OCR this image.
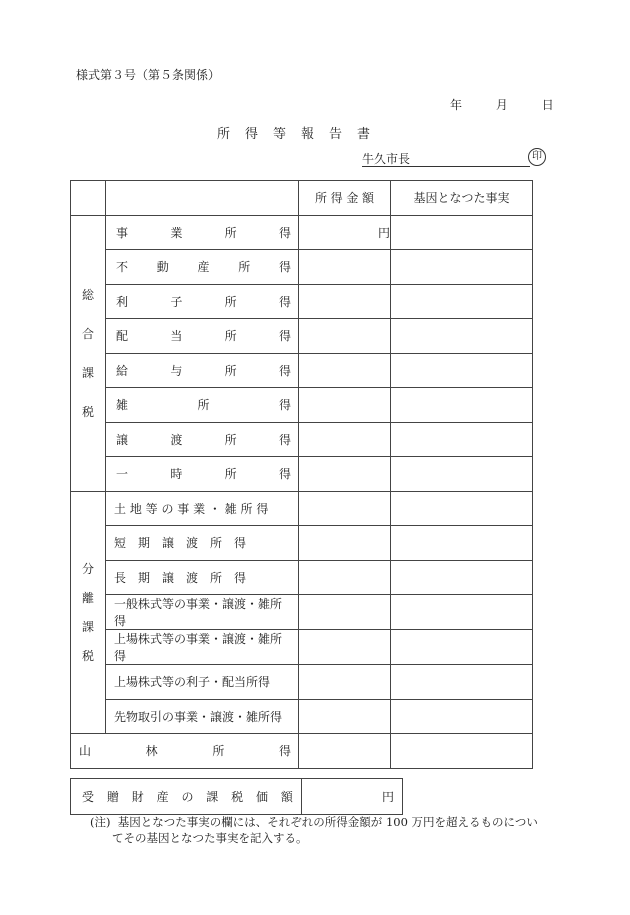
様式第３号（第５条関係）
年	月	日
所 得 等 報 告 書
牛久市長	印

		所 得 金 額	基因となつた事実

総
合
課
税	事 業 所 得	円	

	不 動 産 所 得		

	利 子 所 得		

	配 当 所 得		

	給 与 所 得		

	雑 所 得		

	譲 渡 所 得		

	一 時 所 得		

分
離
課
税	土 地 等 の 事 業 ・ 雑 所 得		

	短　期　譲　渡　所　得		

	長　期　譲　渡　所　得		

	一般株式等の事業・譲渡・雑所得		

	上場株式等の事業・譲渡・雑所得		

	上場株式等の利子・配当所得		

	先物取引の事業・譲渡・雑所得		

山 林 所 得			

受 贈 財 産 の 課 税 価 額	円
(注) 基因となつた事実の欄には、それぞれの所得金額が 100 万円を超えるものについ
てその基因となつた事実を記入する。
